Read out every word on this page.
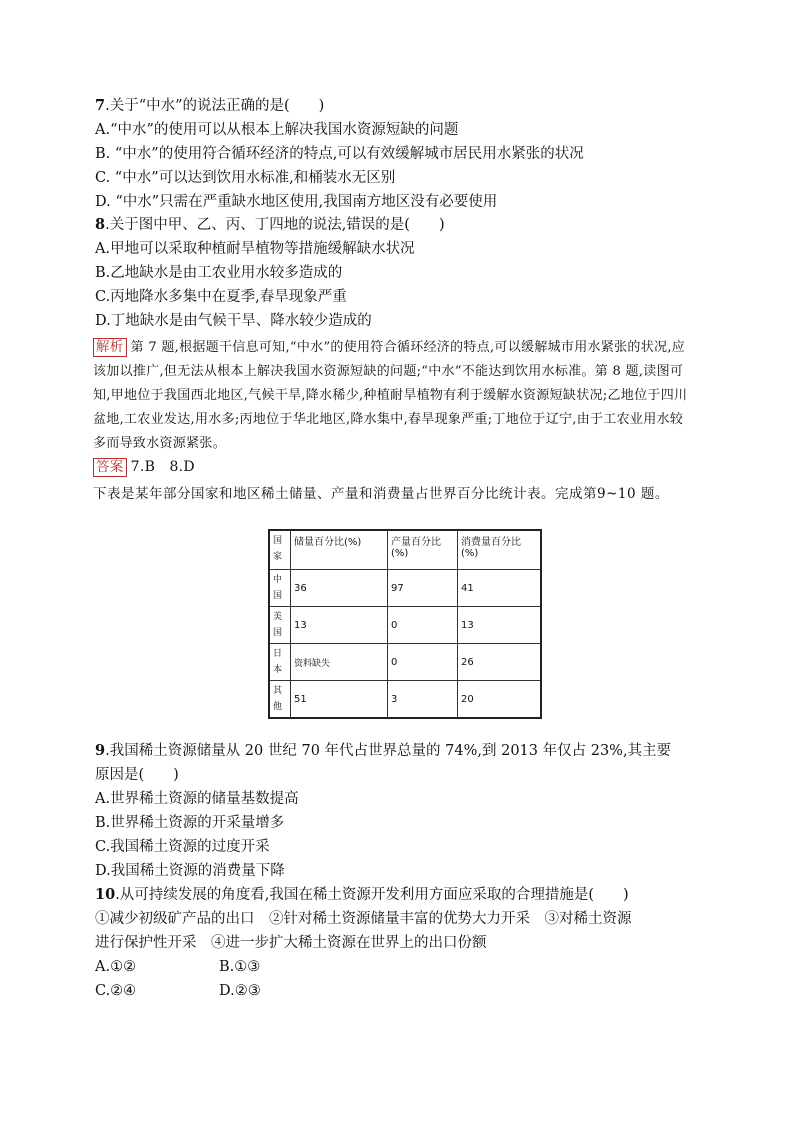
7.关于“中水”的说法正确的是(　　)
A.“中水”的使用可以从根本上解决我国水资源短缺的问题
B. “中水”的使用符合循环经济的特点,可以有效缓解城市居民用水紧张的状况
C. “中水”可以达到饮用水标准,和桶装水无区别
D. “中水”只需在严重缺水地区使用,我国南方地区没有必要使用
8.关于图中甲、乙、丙、丁四地的说法,错误的是(　　)
A.甲地可以采取种植耐旱植物等措施缓解缺水状况
B.乙地缺水是由工农业用水较多造成的
C.丙地降水多集中在夏季,春旱现象严重
D.丁地缺水是由气候干旱、降水较少造成的
解析 第 7 题,根据题干信息可知,“中水”的使用符合循环经济的特点,可以缓解城市用水紧张的状况,应该加以推广,但无法从根本上解决我国水资源短缺的问题;“中水”不能达到饮用水标准。第 8 题,读图可知,甲地位于我国西北地区,气候干旱,降水稀少,种植耐旱植物有利于缓解水资源短缺状况;乙地位于四川盆地,工农业发达,用水多;丙地位于华北地区,降水集中,春旱现象严重;丁地位于辽宁,由于工农业用水较多而导致水资源紧张。
答案 7.B　8.D
下表是某年部分国家和地区稀土储量、产量和消费量占世界百分比统计表。完成第9~10 题。
国家	储量百分比(%)	产量百分比(%)	消费量百分比(%)
中国	36	97	41
美国	13	0	13
日本	资料缺失	0	26
其他	51	3	20
9.我国稀土资源储量从 20 世纪 70 年代占世界总量的 74%,到 2013 年仅占 23%,其主要
原因是(　　)
A.世界稀土资源的储量基数提高
B.世界稀土资源的开采量增多
C.我国稀土资源的过度开采
D.我国稀土资源的消费量下降
10.从可持续发展的角度看,我国在稀土资源开发利用方面应采取的合理措施是(　　)
①减少初级矿产品的出口　②针对稀土资源储量丰富的优势大力开采　③对稀土资源
进行保护性开采　④进一步扩大稀土资源在世界上的出口份额
A.①②	B.①③
C.②④	D.②③
